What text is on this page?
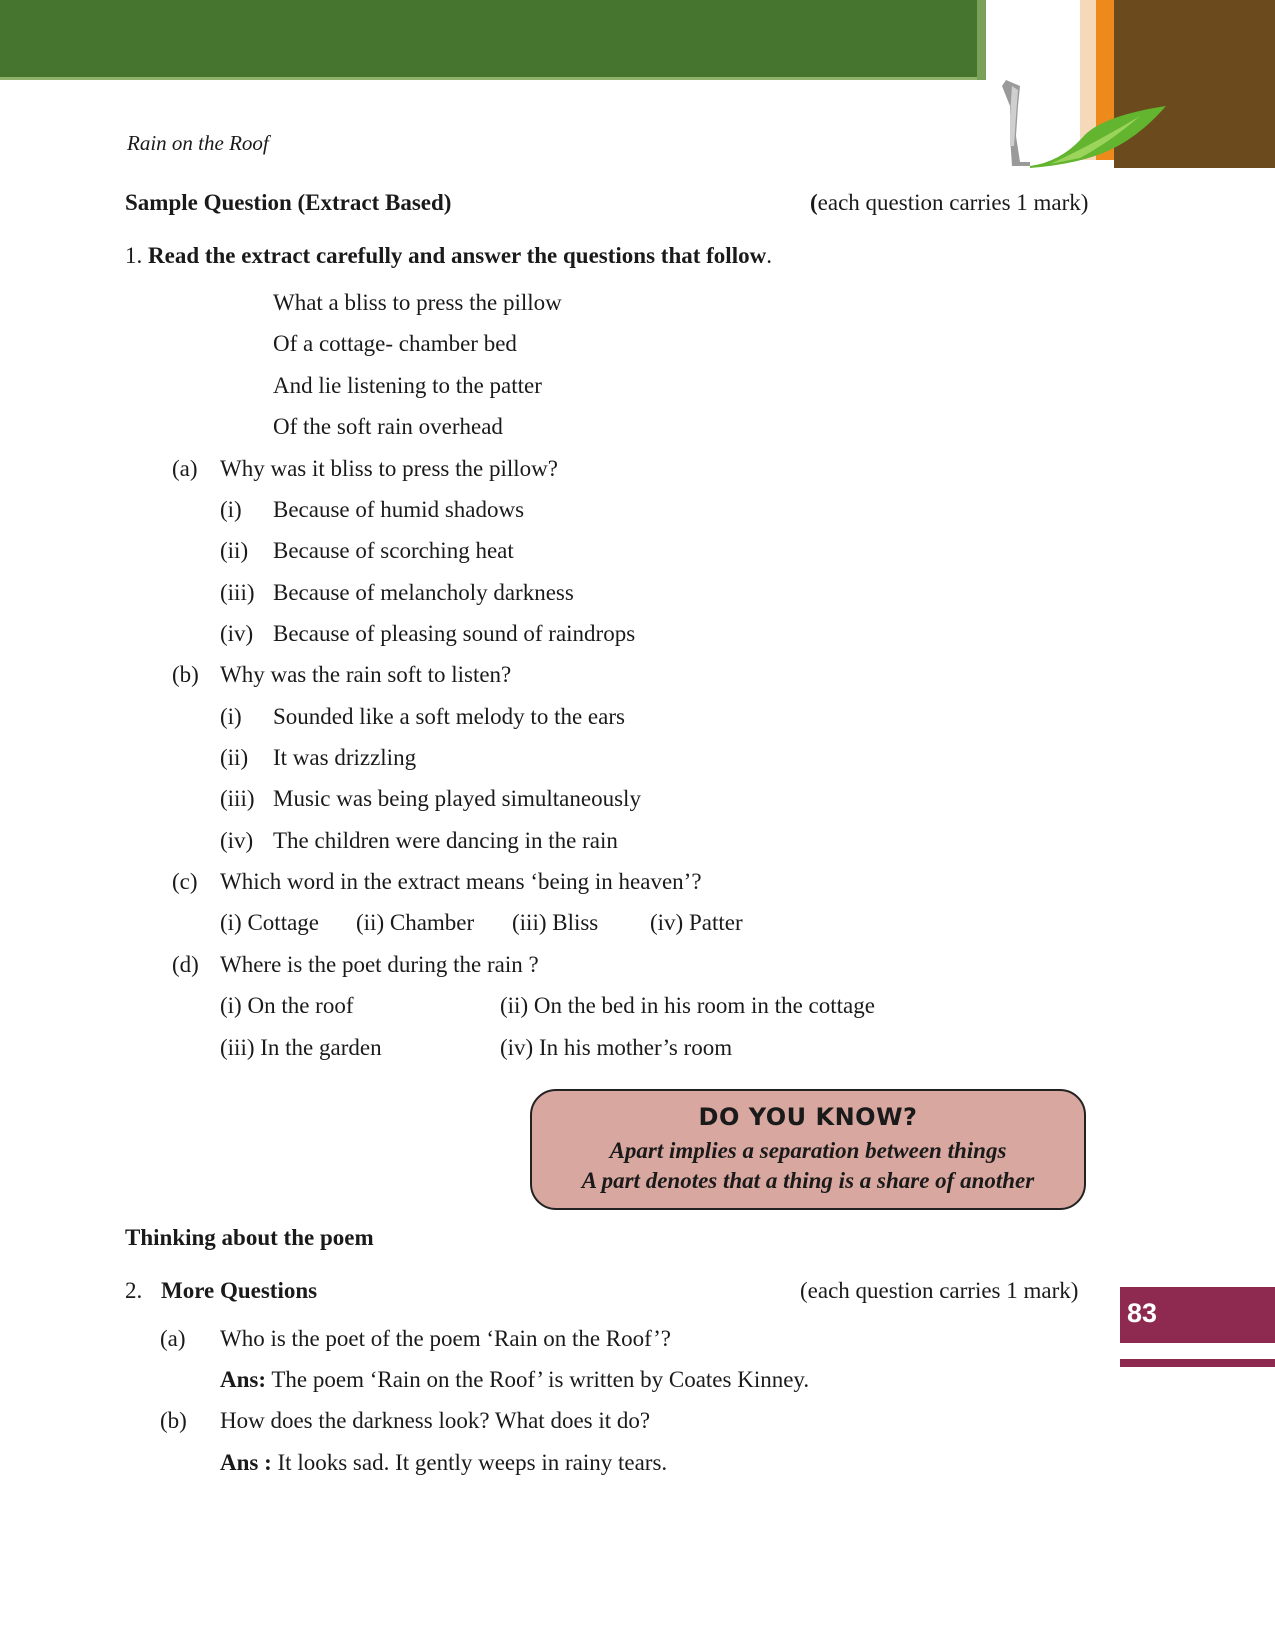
Rain on the Roof
Sample Question (Extract Based)	(each question carries 1 mark)
1. Read the extract carefully and answer the questions that follow.
What a bliss to press the pillow
Of a cottage- chamber bed
And lie listening to the patter
Of the soft rain overhead
(a) Why was it bliss to press the pillow?
(i) Because of humid shadows
(ii) Because of scorching heat
(iii) Because of melancholy darkness
(iv) Because of pleasing sound of raindrops
(b) Why was the rain soft to listen?
(i) Sounded like a soft melody to the ears
(ii) It was drizzling
(iii) Music was being played simultaneously
(iv) The children were dancing in the rain
(c) Which word in the extract means ‘being in heaven’?
(i) Cottage (ii) Chamber (iii) Bliss (iv) Patter
(d) Where is the poet during the rain ?
(i) On the roof	(ii) On the bed in his room in the cottage
(iii) In the garden	(iv) In his mother’s room
DO YOU KNOW?
Apart implies a separation between things
A part denotes that a thing is a share of another
Thinking about the poem
2. More Questions	(each question carries 1 mark)
(a) Who is the poet of the poem ‘Rain on the Roof’?
Ans: The poem ‘Rain on the Roof’ is written by Coates Kinney.
(b) How does the darkness look? What does it do?
Ans : It looks sad. It gently weeps in rainy tears.
83
